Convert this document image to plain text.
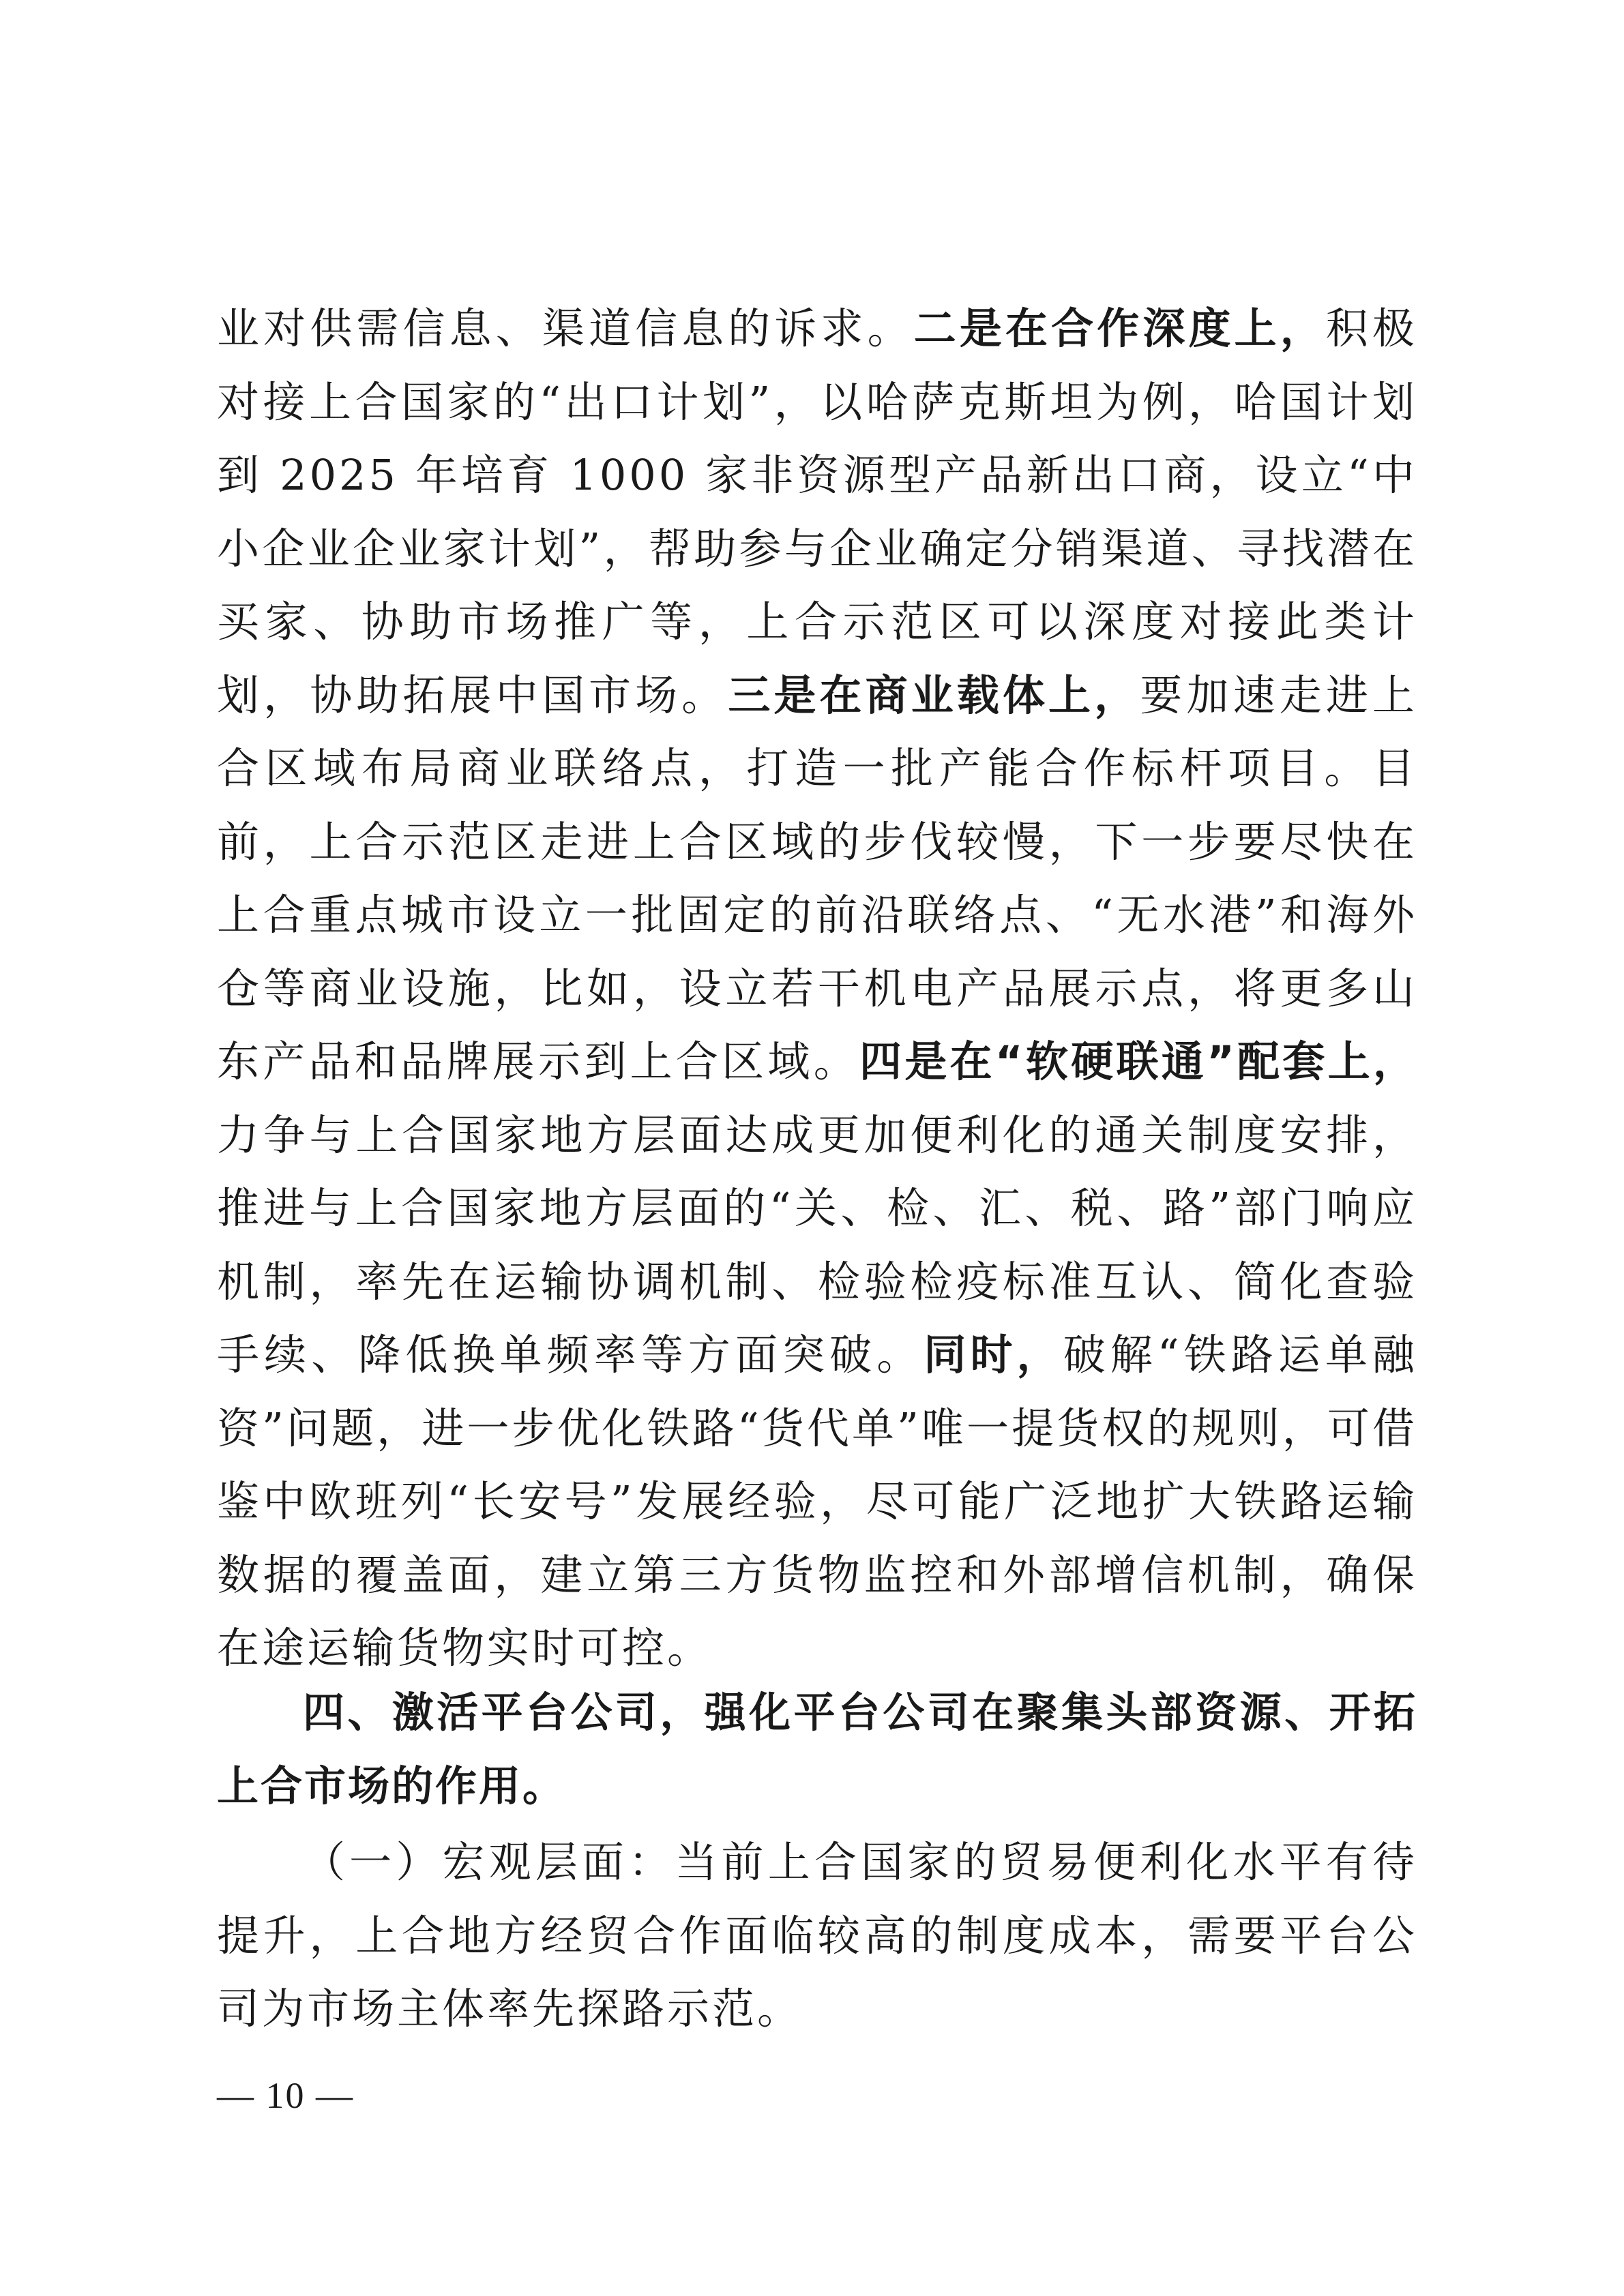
业对供需信息、渠道信息的诉求。二是在合作深度上，积极对接上合国家的“出口计划”，以哈萨克斯坦为例，哈国计划到 2025 年培育 1000 家非资源型产品新出口商，设立“中小企业企业家计划”，帮助参与企业确定分销渠道、寻找潜在买家、协助市场推广等，上合示范区可以深度对接此类计划，协助拓展中国市场。三是在商业载体上，要加速走进上合区域布局商业联络点，打造一批产能合作标杆项目。目前，上合示范区走进上合区域的步伐较慢，下一步要尽快在上合重点城市设立一批固定的前沿联络点、“无水港”和海外仓等商业设施，比如，设立若干机电产品展示点，将更多山东产品和品牌展示到上合区域。四是在“软硬联通”配套上，力争与上合国家地方层面达成更加便利化的通关制度安排，推进与上合国家地方层面的“关、检、汇、税、路”部门响应机制，率先在运输协调机制、检验检疫标准互认、简化查验手续、降低换单频率等方面突破。同时，破解“铁路运单融资”问题，进一步优化铁路“货代单”唯一提货权的规则，可借鉴中欧班列“长安号”发展经验，尽可能广泛地扩大铁路运输数据的覆盖面，建立第三方货物监控和外部增信机制，确保在途运输货物实时可控。

四、激活平台公司，强化平台公司在聚集头部资源、开拓上合市场的作用。

（一）宏观层面：当前上合国家的贸易便利化水平有待提升，上合地方经贸合作面临较高的制度成本，需要平台公司为市场主体率先探路示范。

— 10 —
